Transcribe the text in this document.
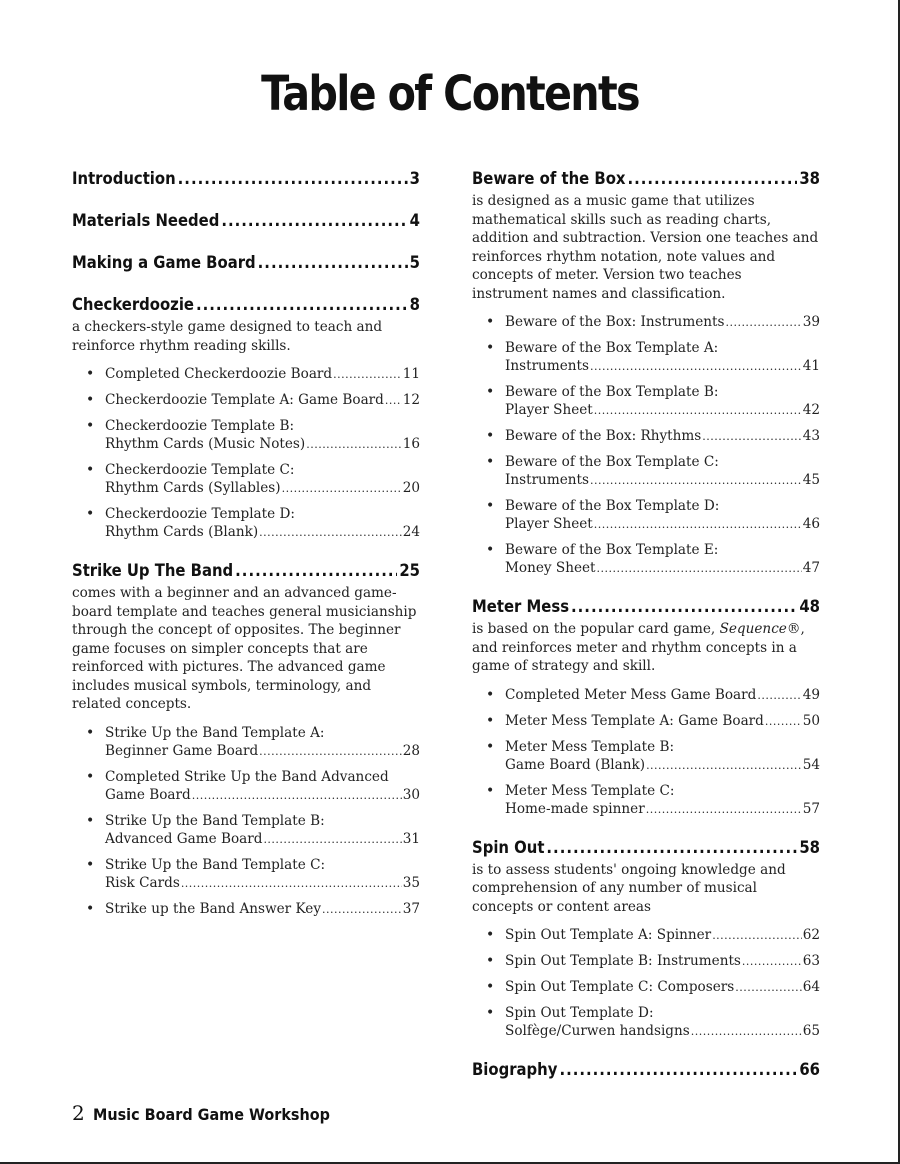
Table of Contents
Introduction .....	3
Materials Needed .....	4
Making a Game Board .....	5
Checkerdoozie .....	8

a checkers-style game designed to teach and reinforce rhythm reading skills.

• Completed Checkerdoozie Board .....	11
• Checkerdoozie Template A: Game Board ..... 12
• Checkerdoozie Template B:
Rhythm Cards (Music Notes) .....	16
• Checkerdoozie Template C:
Rhythm Cards (Syllables) .....	20
• Checkerdoozie Template D:
Rhythm Cards (Blank) .....	24
Strike Up The Band .....	25

comes with a beginner and an advanced game-board template and teaches general musicianship through the concept of opposites. The beginner game focuses on simpler concepts that are reinforced with pictures. The advanced game includes musical symbols, terminology, and related concepts.

• Strike Up the Band Template A:
Beginner Game Board .....	28
• Completed Strike Up the Band Advanced
Game Board .....	30
• Strike Up the Band Template B:
Advanced Game Board .....	31
• Strike Up the Band Template C:
Risk Cards .....	35
• Strike up the Band Answer Key .....	37
Beware of the Box .....	38

is designed as a music game that utilizes mathematical skills such as reading charts, addition and subtraction. Version one teaches and reinforces rhythm notation, note values and concepts of meter. Version two teaches instrument names and classification.

• Beware of the Box: Instruments .....	39
• Beware of the Box Template A:
Instruments .....	41
• Beware of the Box Template B:
Player Sheet .....	42
• Beware of the Box: Rhythms .....	43
• Beware of the Box Template C:
Instruments .....	45
• Beware of the Box Template D:
Player Sheet .....	46
• Beware of the Box Template E:
Money Sheet .....	47
Meter Mess .....	48

is based on the popular card game, Sequence®, and reinforces meter and rhythm concepts in a game of strategy and skill.

• Completed Meter Mess Game Board .....	49
• Meter Mess Template A: Game Board .....	50
• Meter Mess Template B:
Game Board (Blank) .....	54
• Meter Mess Template C:
Home-made spinner .....	57
Spin Out .....	58

is to assess students' ongoing knowledge and comprehension of any number of musical concepts or content areas

• Spin Out Template A: Spinner .....	62
• Spin Out Template B: Instruments .....	63
• Spin Out Template C: Composers .....	64
• Spin Out Template D:
Solfège/Curwen handsigns .....	65
Biography .....	66
2 Music Board Game Workshop
